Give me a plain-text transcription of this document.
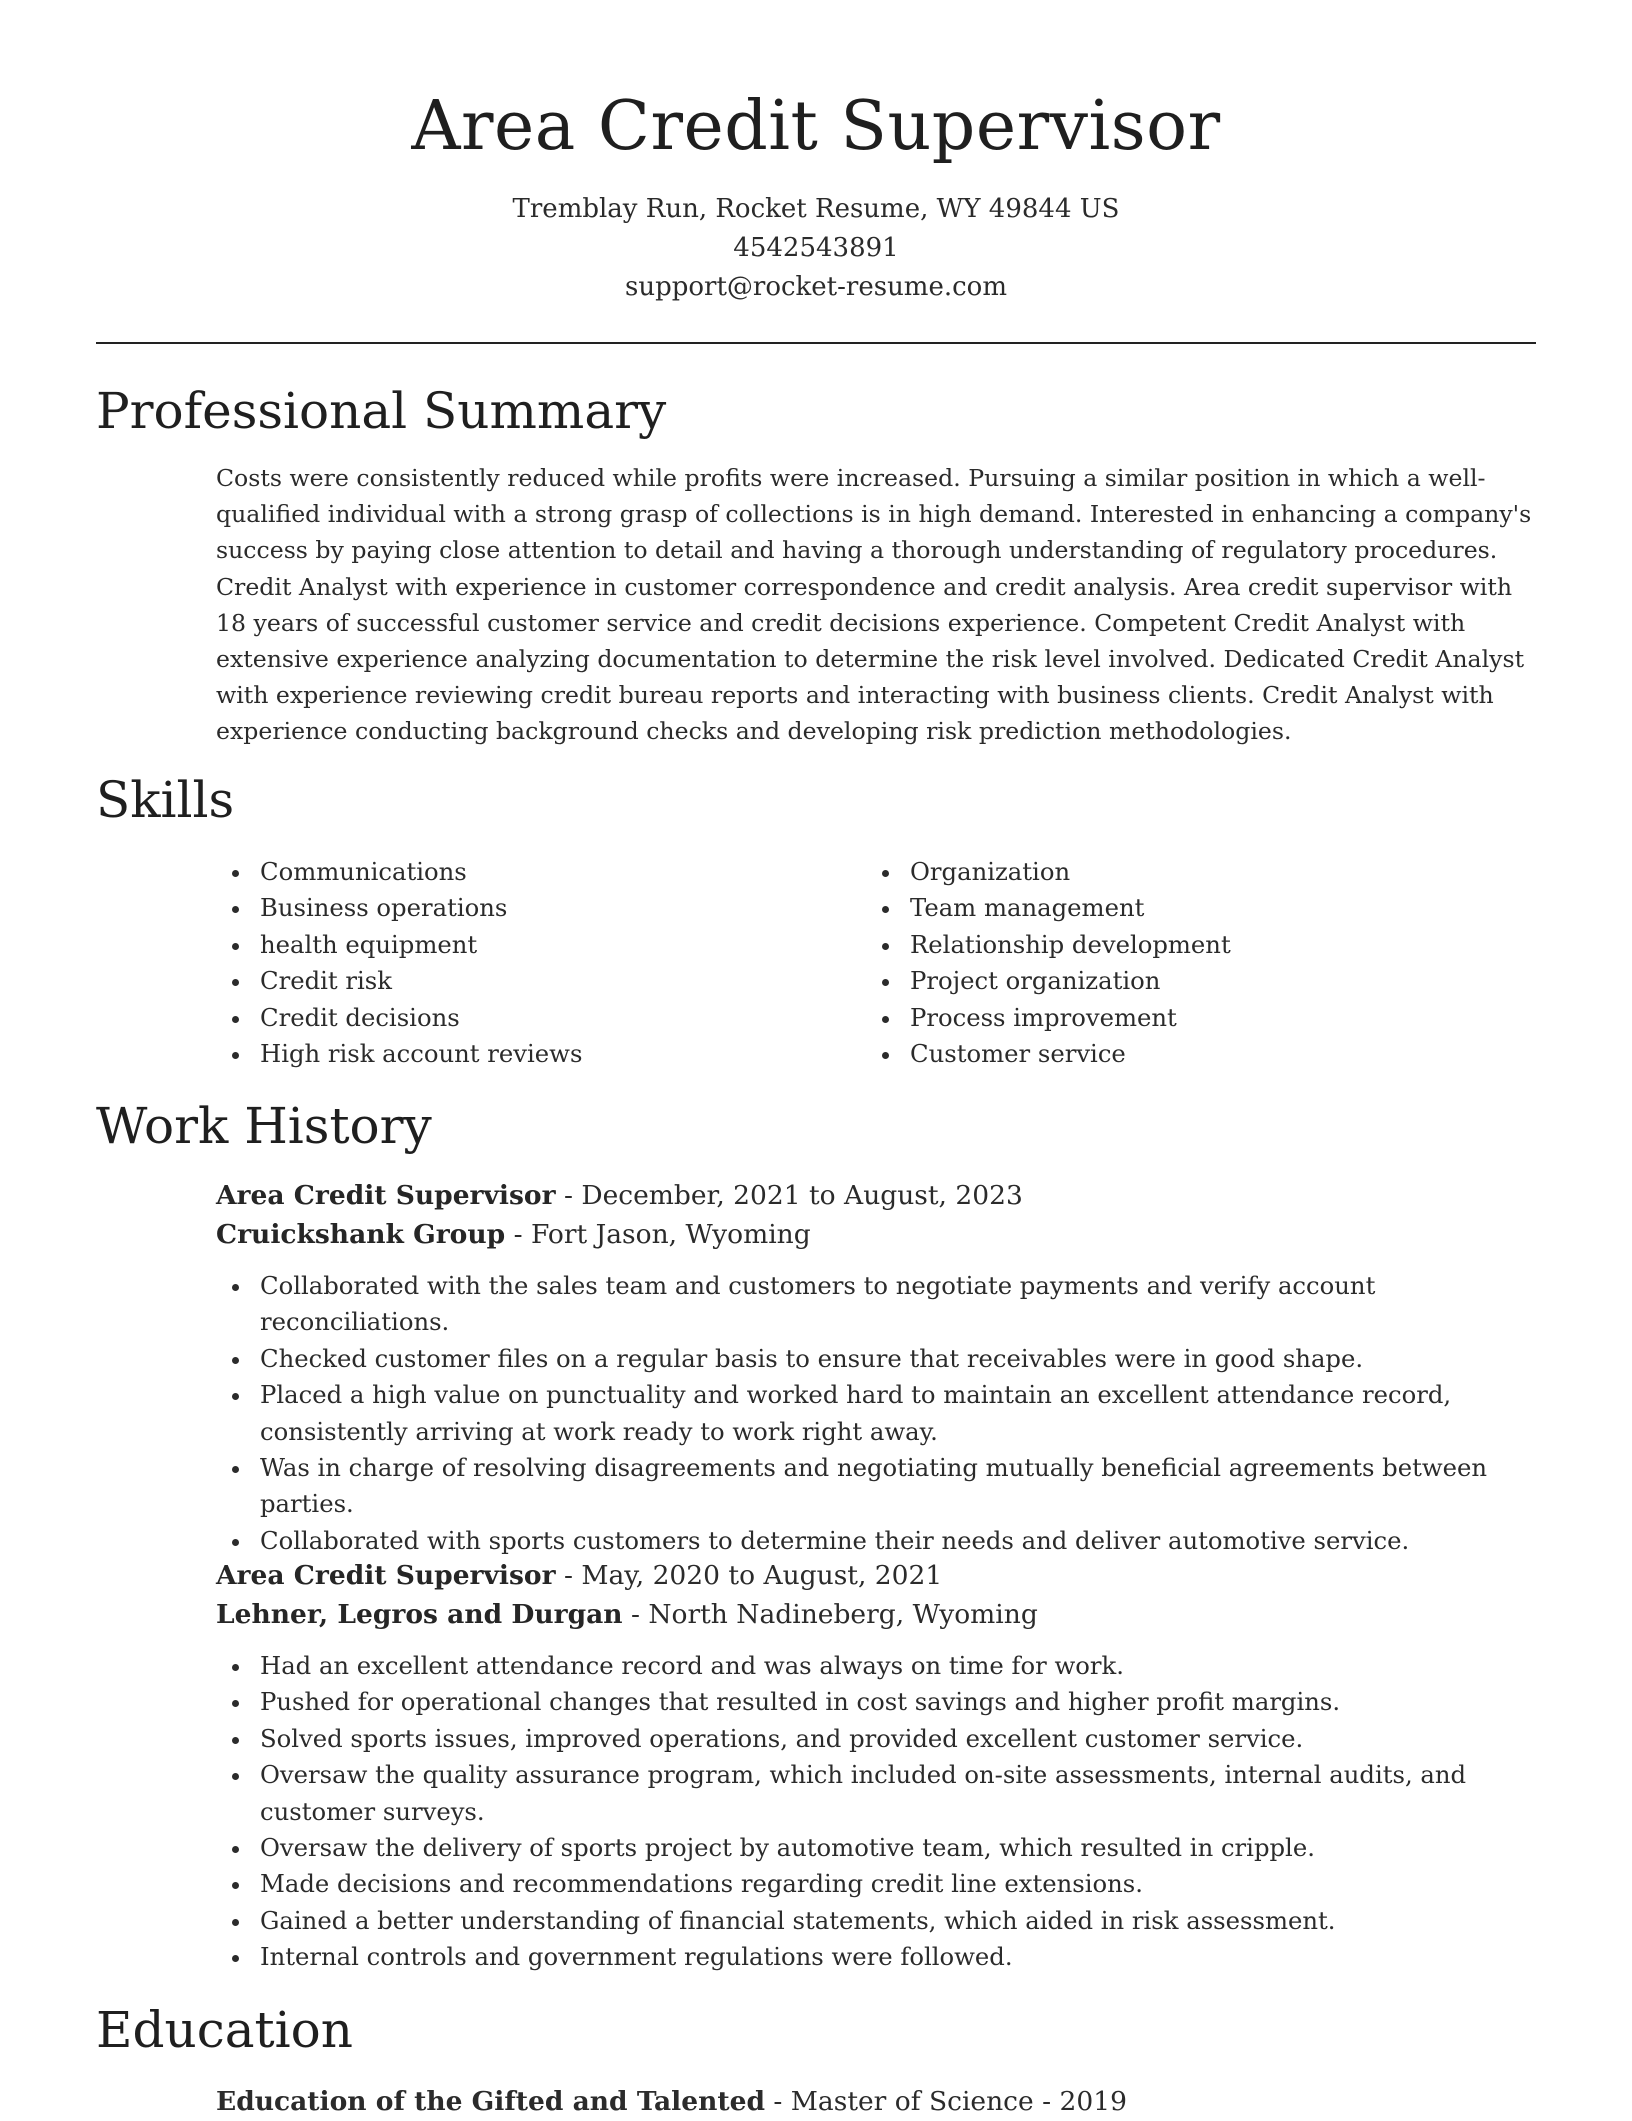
Area Credit Supervisor
Tremblay Run, Rocket Resume, WY 49844 US
4542543891
support@rocket-resume.com
Professional Summary

Costs were consistently reduced while profits were increased. Pursuing a similar position in which a well-qualified individual with a strong grasp of collections is in high demand. Interested in enhancing a company's success by paying close attention to detail and having a thorough understanding of regulatory procedures. Credit Analyst with experience in customer correspondence and credit analysis. Area credit supervisor with 18 years of successful customer service and credit decisions experience. Competent Credit Analyst with extensive experience analyzing documentation to determine the risk level involved. Dedicated Credit Analyst with experience reviewing credit bureau reports and interacting with business clients. Credit Analyst with experience conducting background checks and developing risk prediction methodologies.

Skills
Communications
Business operations
health equipment
Credit risk
Credit decisions
High risk account reviews
Organization
Team management
Relationship development
Project organization
Process improvement
Customer service
Work History

Area Credit Supervisor - December, 2021 to August, 2023

Cruickshank Group - Fort Jason, Wyoming

Collaborated with the sales team and customers to negotiate payments and verify account reconciliations.
Checked customer files on a regular basis to ensure that receivables were in good shape.
Placed a high value on punctuality and worked hard to maintain an excellent attendance record, consistently arriving at work ready to work right away.
Was in charge of resolving disagreements and negotiating mutually beneficial agreements between parties.
Collaborated with sports customers to determine their needs and deliver automotive service.

Area Credit Supervisor - May, 2020 to August, 2021

Lehner, Legros and Durgan - North Nadineberg, Wyoming

Had an excellent attendance record and was always on time for work.
Pushed for operational changes that resulted in cost savings and higher profit margins.
Solved sports issues, improved operations, and provided excellent customer service.
Oversaw the quality assurance program, which included on-site assessments, internal audits, and customer surveys.
Oversaw the delivery of sports project by automotive team, which resulted in cripple.
Made decisions and recommendations regarding credit line extensions.
Gained a better understanding of financial statements, which aided in risk assessment.
Internal controls and government regulations were followed.
Education

Education of the Gifted and Talented - Master of Science - 2019
